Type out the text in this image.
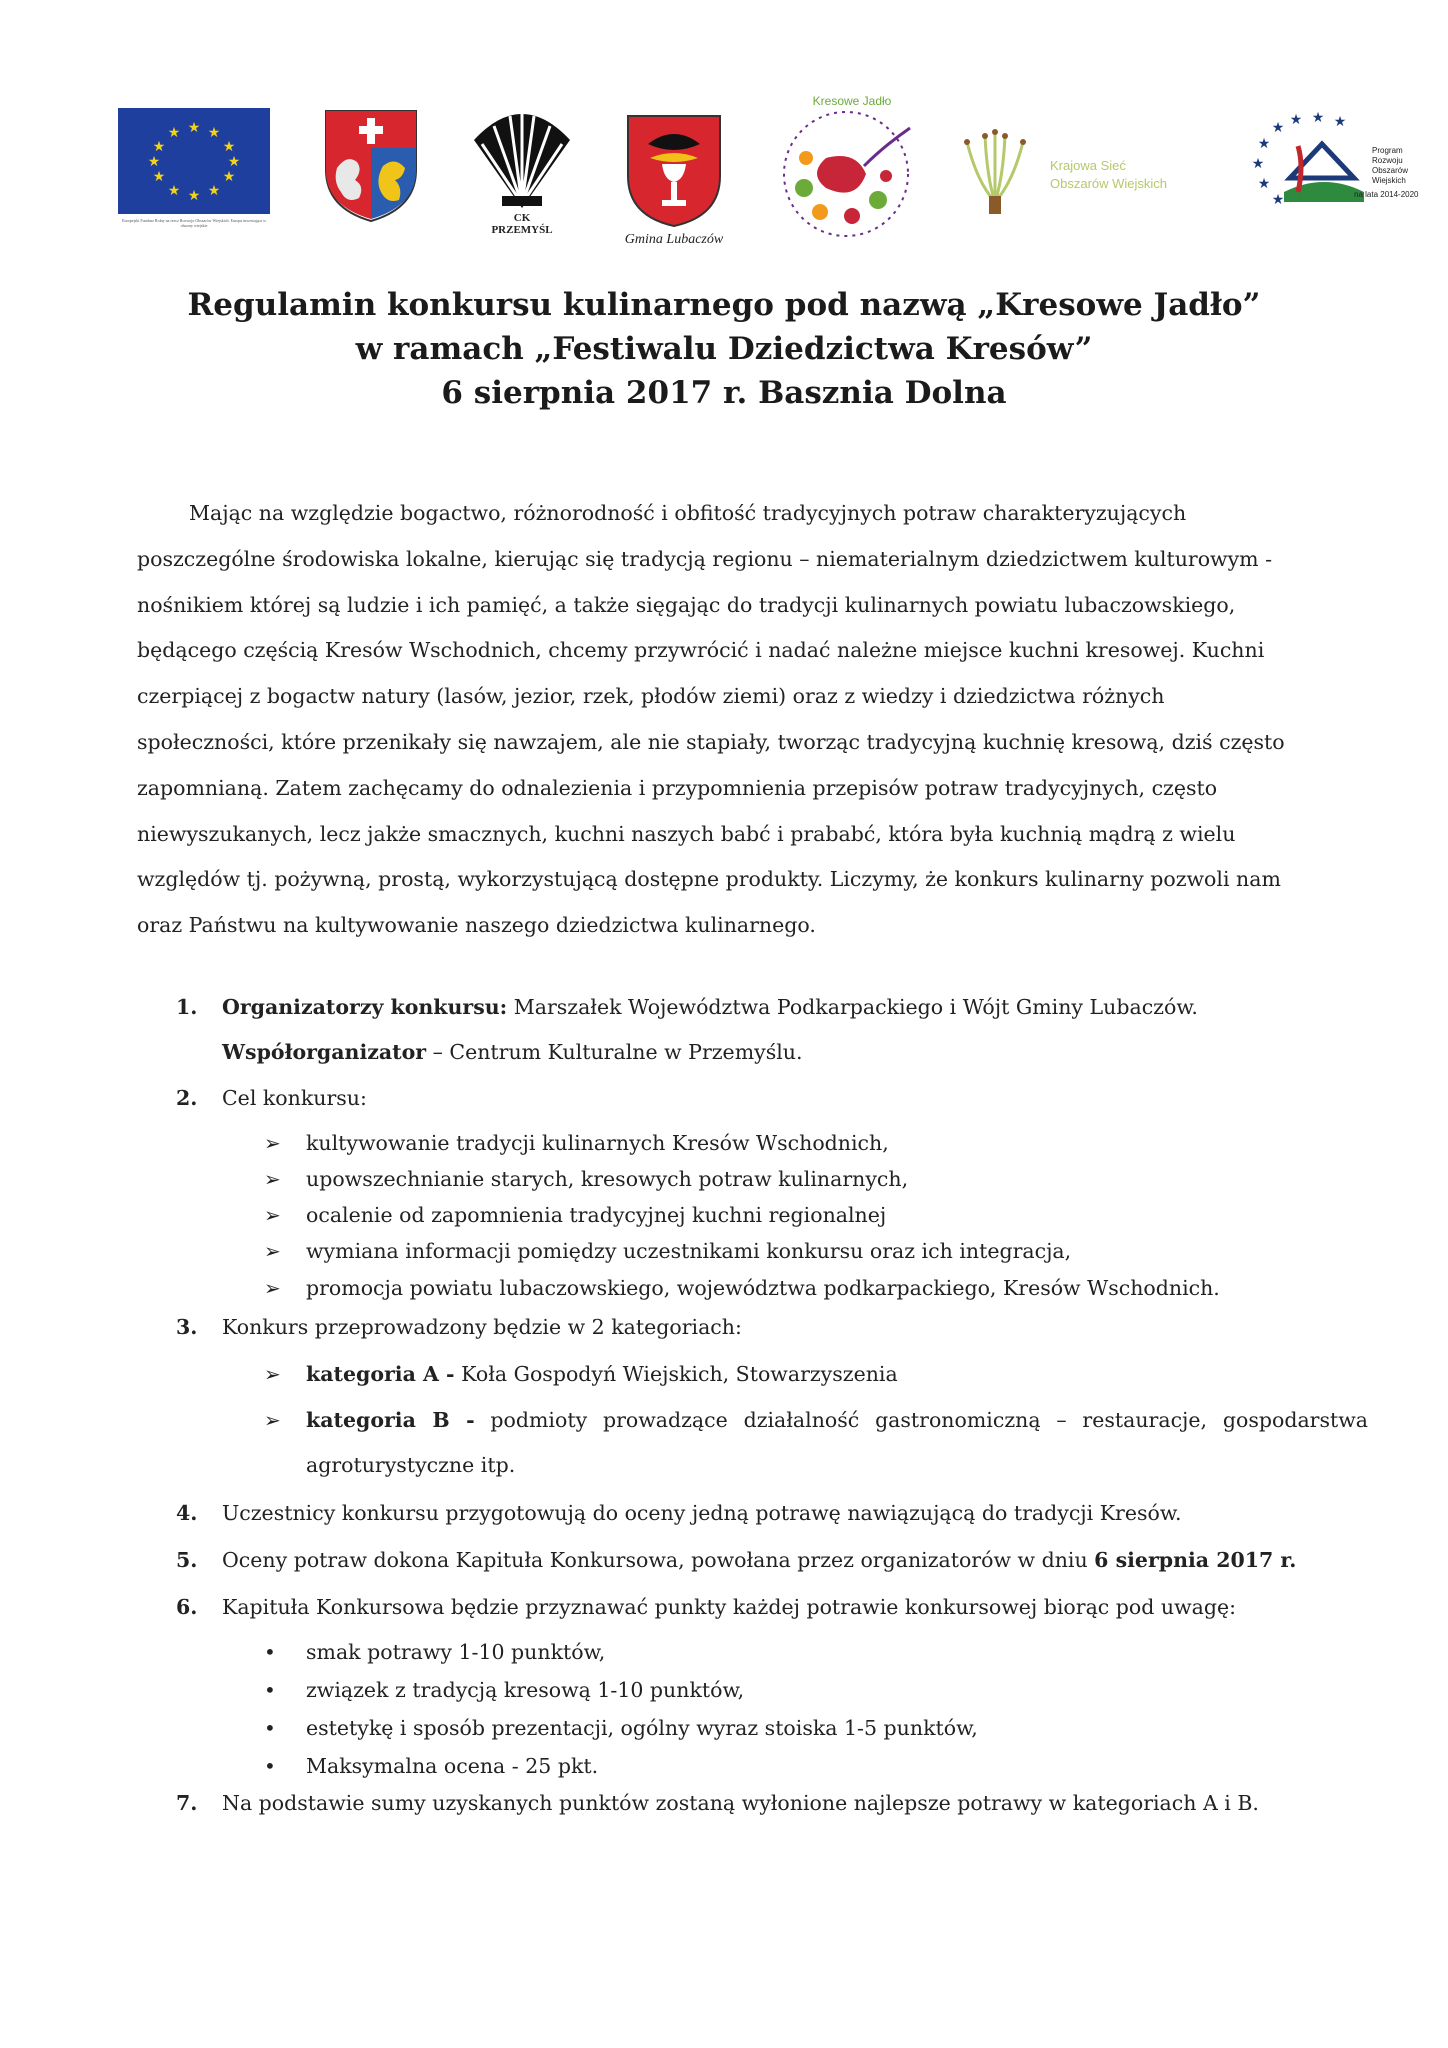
★ ★
★
★
★
★
★
★
★
★
★
★
Europejski Fundusz Rolny na rzecz Rozwoju Obszarów Wiejskich: Europa inwestująca w obszary wiejskie
CK
PRZEMYŚL
Gmina Lubaczów
Kresowe Jadło
Krajowa Sieć
Obszarów Wiejskich
★ ★ ★ ★
★
★
★
★
Program
Rozwoju
Obszarów
Wiejskich
na lata 2014-2020
Regulamin konkursu kulinarnego pod nazwą „Kresowe Jadło”
w ramach „Festiwalu Dziedzictwa Kresów”
6 sierpnia 2017 r. Basznia Dolna
Mając na względzie bogactwo, różnorodność i obfitość tradycyjnych potraw charakteryzujących
poszczególne środowiska lokalne, kierując się tradycją regionu – niematerialnym dziedzictwem kulturowym -
nośnikiem której są ludzie i ich pamięć, a także sięgając do tradycji kulinarnych powiatu lubaczowskiego,
będącego częścią Kresów Wschodnich, chcemy przywrócić i nadać należne miejsce kuchni kresowej. Kuchni
czerpiącej z bogactw natury (lasów, jezior, rzek, płodów ziemi) oraz z wiedzy i dziedzictwa różnych
społeczności, które przenikały się nawzajem, ale nie stapiały, tworząc tradycyjną kuchnię kresową, dziś często
zapomnianą. Zatem zachęcamy do odnalezienia i przypomnienia przepisów potraw tradycyjnych, często
niewyszukanych, lecz jakże smacznych, kuchni naszych babć i prababć, która była kuchnią mądrą z wielu
względów tj. pożywną, prostą, wykorzystującą dostępne produkty. Liczymy, że konkurs kulinarny pozwoli nam
oraz Państwu na kultywowanie naszego dziedzictwa kulinarnego.
1.	Organizatorzy konkursu: Marszałek Województwa Podkarpackiego i Wójt Gminy Lubaczów.
Współorganizator – Centrum Kulturalne w Przemyślu.
2.	Cel konkursu:
➢ kultywowanie tradycji kulinarnych Kresów Wschodnich,
➢ upowszechnianie starych, kresowych potraw kulinarnych,
➢ ocalenie od zapomnienia tradycyjnej kuchni regionalnej
➢ wymiana informacji pomiędzy uczestnikami konkursu oraz ich integracja,
➢ promocja powiatu lubaczowskiego, województwa podkarpackiego, Kresów Wschodnich.
3.	Konkurs przeprowadzony będzie w 2 kategoriach:
➢ kategoria A - Koła Gospodyń Wiejskich, Stowarzyszenia
➢ kategoria B - podmioty prowadzące działalność gastronomiczną – restauracje, gospodarstwa
agroturystyczne itp.
4.	Uczestnicy konkursu przygotowują do oceny jedną potrawę nawiązującą do tradycji Kresów.
5.	Oceny potraw dokona Kapituła Konkursowa, powołana przez organizatorów w dniu 6 sierpnia 2017 r.
6.	Kapituła Konkursowa będzie przyznawać punkty każdej potrawie konkursowej biorąc pod uwagę:
• smak potrawy 1-10 punktów,
• związek z tradycją kresową 1-10 punktów,
• estetykę i sposób prezentacji, ogólny wyraz stoiska 1-5 punktów,
• Maksymalna ocena - 25 pkt.
7.	Na podstawie sumy uzyskanych punktów zostaną wyłonione najlepsze potrawy w kategoriach A i B.
